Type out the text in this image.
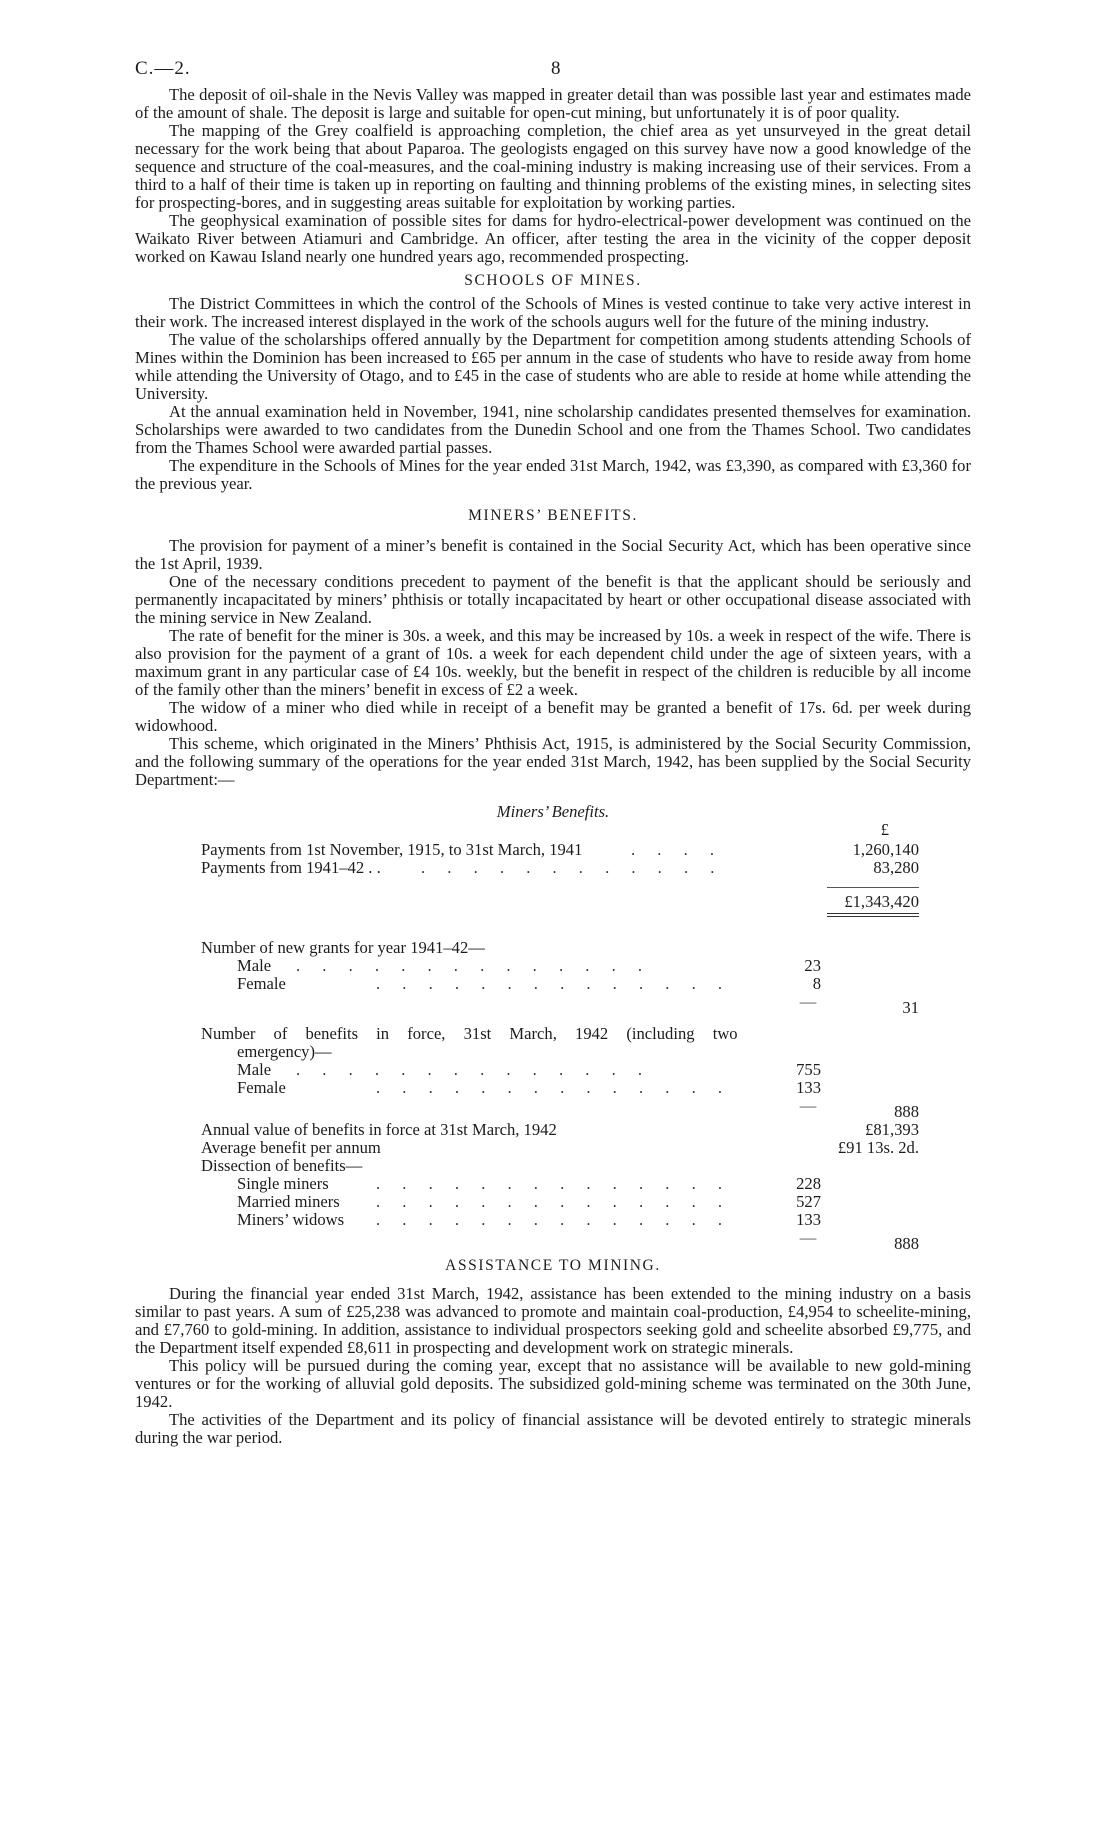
C.—2.	8

The deposit of oil-shale in the Nevis Valley was mapped in greater detail than was possible last year and estimates made of the amount of shale. The deposit is large and suitable for open-cut mining, but unfortunately it is of poor quality.

The mapping of the Grey coalfield is approaching completion, the chief area as yet unsurveyed in the great detail necessary for the work being that about Paparoa. The geologists engaged on this survey have now a good knowledge of the sequence and structure of the coal-measures, and the coal-mining industry is making increasing use of their services. From a third to a half of their time is taken up in reporting on faulting and thinning problems of the existing mines, in selecting sites for prospecting-bores, and in suggesting areas suitable for exploitation by working parties.

The geophysical examination of possible sites for dams for hydro-electrical-power development was continued on the Waikato River between Atiamuri and Cambridge. An officer, after testing the area in the vicinity of the copper deposit worked on Kawau Island nearly one hundred years ago, recommended prospecting.

SCHOOLS OF MINES.

The District Committees in which the control of the Schools of Mines is vested continue to take very active interest in their work. The increased interest displayed in the work of the schools augurs well for the future of the mining industry.

The value of the scholarships offered annually by the Department for competition among students attending Schools of Mines within the Dominion has been increased to £65 per annum in the case of students who have to reside away from home while attending the University of Otago, and to £45 in the case of students who are able to reside at home while attending the University.

At the annual examination held in November, 1941, nine scholarship candidates presented themselves for examination. Scholarships were awarded to two candidates from the Dunedin School and one from the Thames School. Two candidates from the Thames School were awarded partial passes.

The expenditure in the Schools of Mines for the year ended 31st March, 1942, was £3,390, as compared with £3,360 for the previous year.

MINERS’ BENEFITS.

The provision for payment of a miner’s benefit is contained in the Social Security Act, which has been operative since the 1st April, 1939.

One of the necessary conditions precedent to payment of the benefit is that the applicant should be seriously and permanently incapacitated by miners’ phthisis or totally incapacitated by heart or other occupational disease associated with the mining service in New Zealand.

The rate of benefit for the miner is 30s. a week, and this may be increased by 10s. a week in respect of the wife. There is also provision for the payment of a grant of 10s. a week for each dependent child under the age of sixteen years, with a maximum grant in any particular case of £4 10s. weekly, but the benefit in respect of the children is reducible by all income of the family other than the miners’ benefit in excess of £2 a week.

The widow of a miner who died while in receipt of a benefit may be granted a benefit of 17s. 6d. per week during widowhood.

This scheme, which originated in the Miners’ Phthisis Act, 1915, is administered by the Social Security Commission, and the following summary of the operations for the year ended 31st March, 1942, has been supplied by the Social Security Department:—

Miners’ Benefits.
£
Payments from 1st November, 1915, to 31st March, 1941	. . . .	1,260,140
Payments from 1941–42 . . . . . . . . . . . . . .	83,280
£1,343,420
Number of new grants for year 1941–42—
Male . . . . . . . . . . . . . .	23
Female	. . . . . . . . . . . . . .	8
—	31
Number of benefits in force, 31st March, 1942 (including two
emergency)—
Male . . . . . . . . . . . . . .	755
Female	. . . . . . . . . . . . . .	133
—	888
Annual value of benefits in force at 31st March, 1942	£81,393
Average benefit per annum	£91 13s. 2d.
Dissection of benefits—
Single miners	. . . . . . . . . . . . . .	228
Married miners . . . . . . . . . . . . . .	527
Miners’ widows . . . . . . . . . . . . . .	133
—	888
ASSISTANCE TO MINING.

During the financial year ended 31st March, 1942, assistance has been extended to the mining industry on a basis similar to past years. A sum of £25,238 was advanced to promote and maintain coal-production, £4,954 to scheelite-mining, and £7,760 to gold-mining. In addition, assistance to individual prospectors seeking gold and scheelite absorbed £9,775, and the Department itself expended £8,611 in prospecting and development work on strategic minerals.

This policy will be pursued during the coming year, except that no assistance will be available to new gold-mining ventures or for the working of alluvial gold deposits. The subsidized gold-mining scheme was terminated on the 30th June, 1942.

The activities of the Department and its policy of financial assistance will be devoted entirely to strategic minerals during the war period.
